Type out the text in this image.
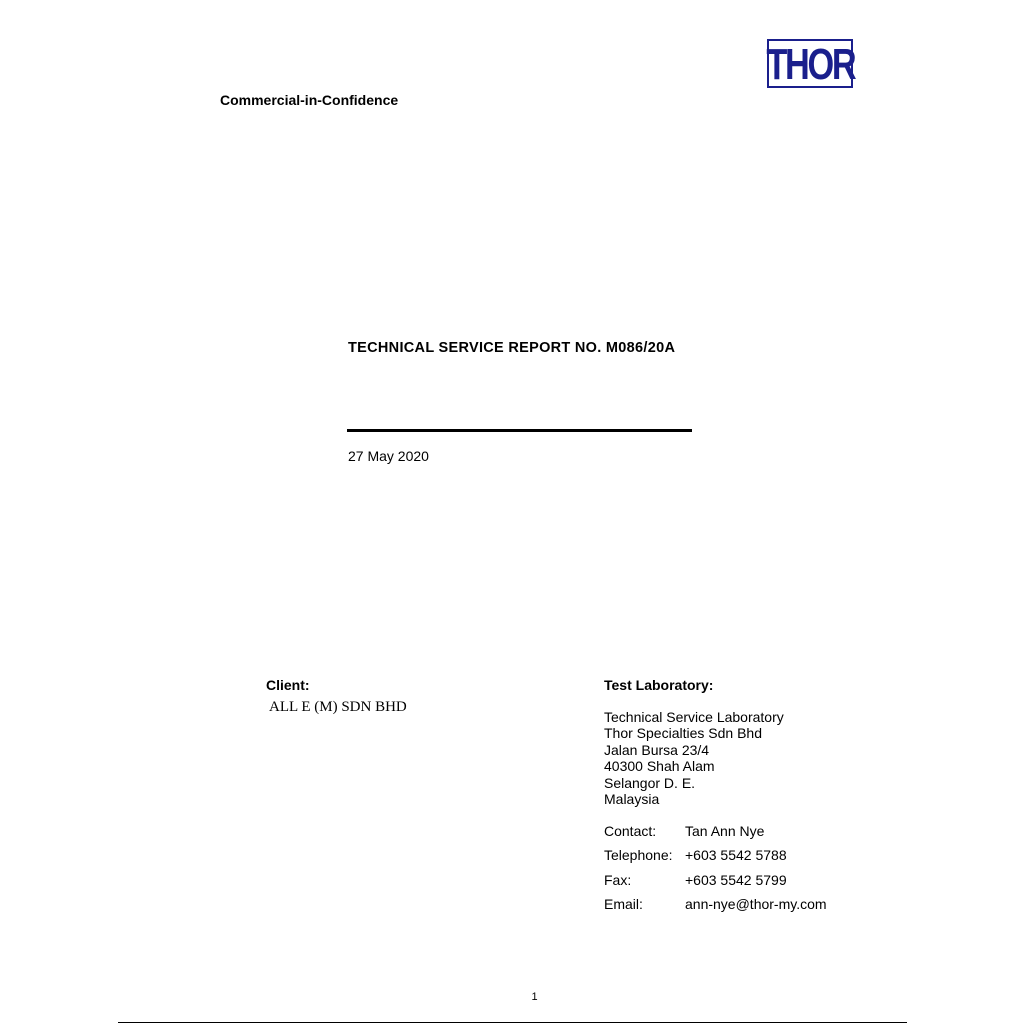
THOR
Commercial-in-Confidence
TECHNICAL SERVICE REPORT NO. M086/20A
27 May 2020
Client:
ALL E (M) SDN BHD
Test Laboratory:
Technical Service Laboratory
Thor Specialties Sdn Bhd
Jalan Bursa 23/4
40300 Shah Alam
Selangor D. E.
Malaysia
Contact:	Tan Ann Nye
Telephone: +603 5542 5788
Fax:	+603 5542 5799
Email:	ann-nye@thor-my.com
1
